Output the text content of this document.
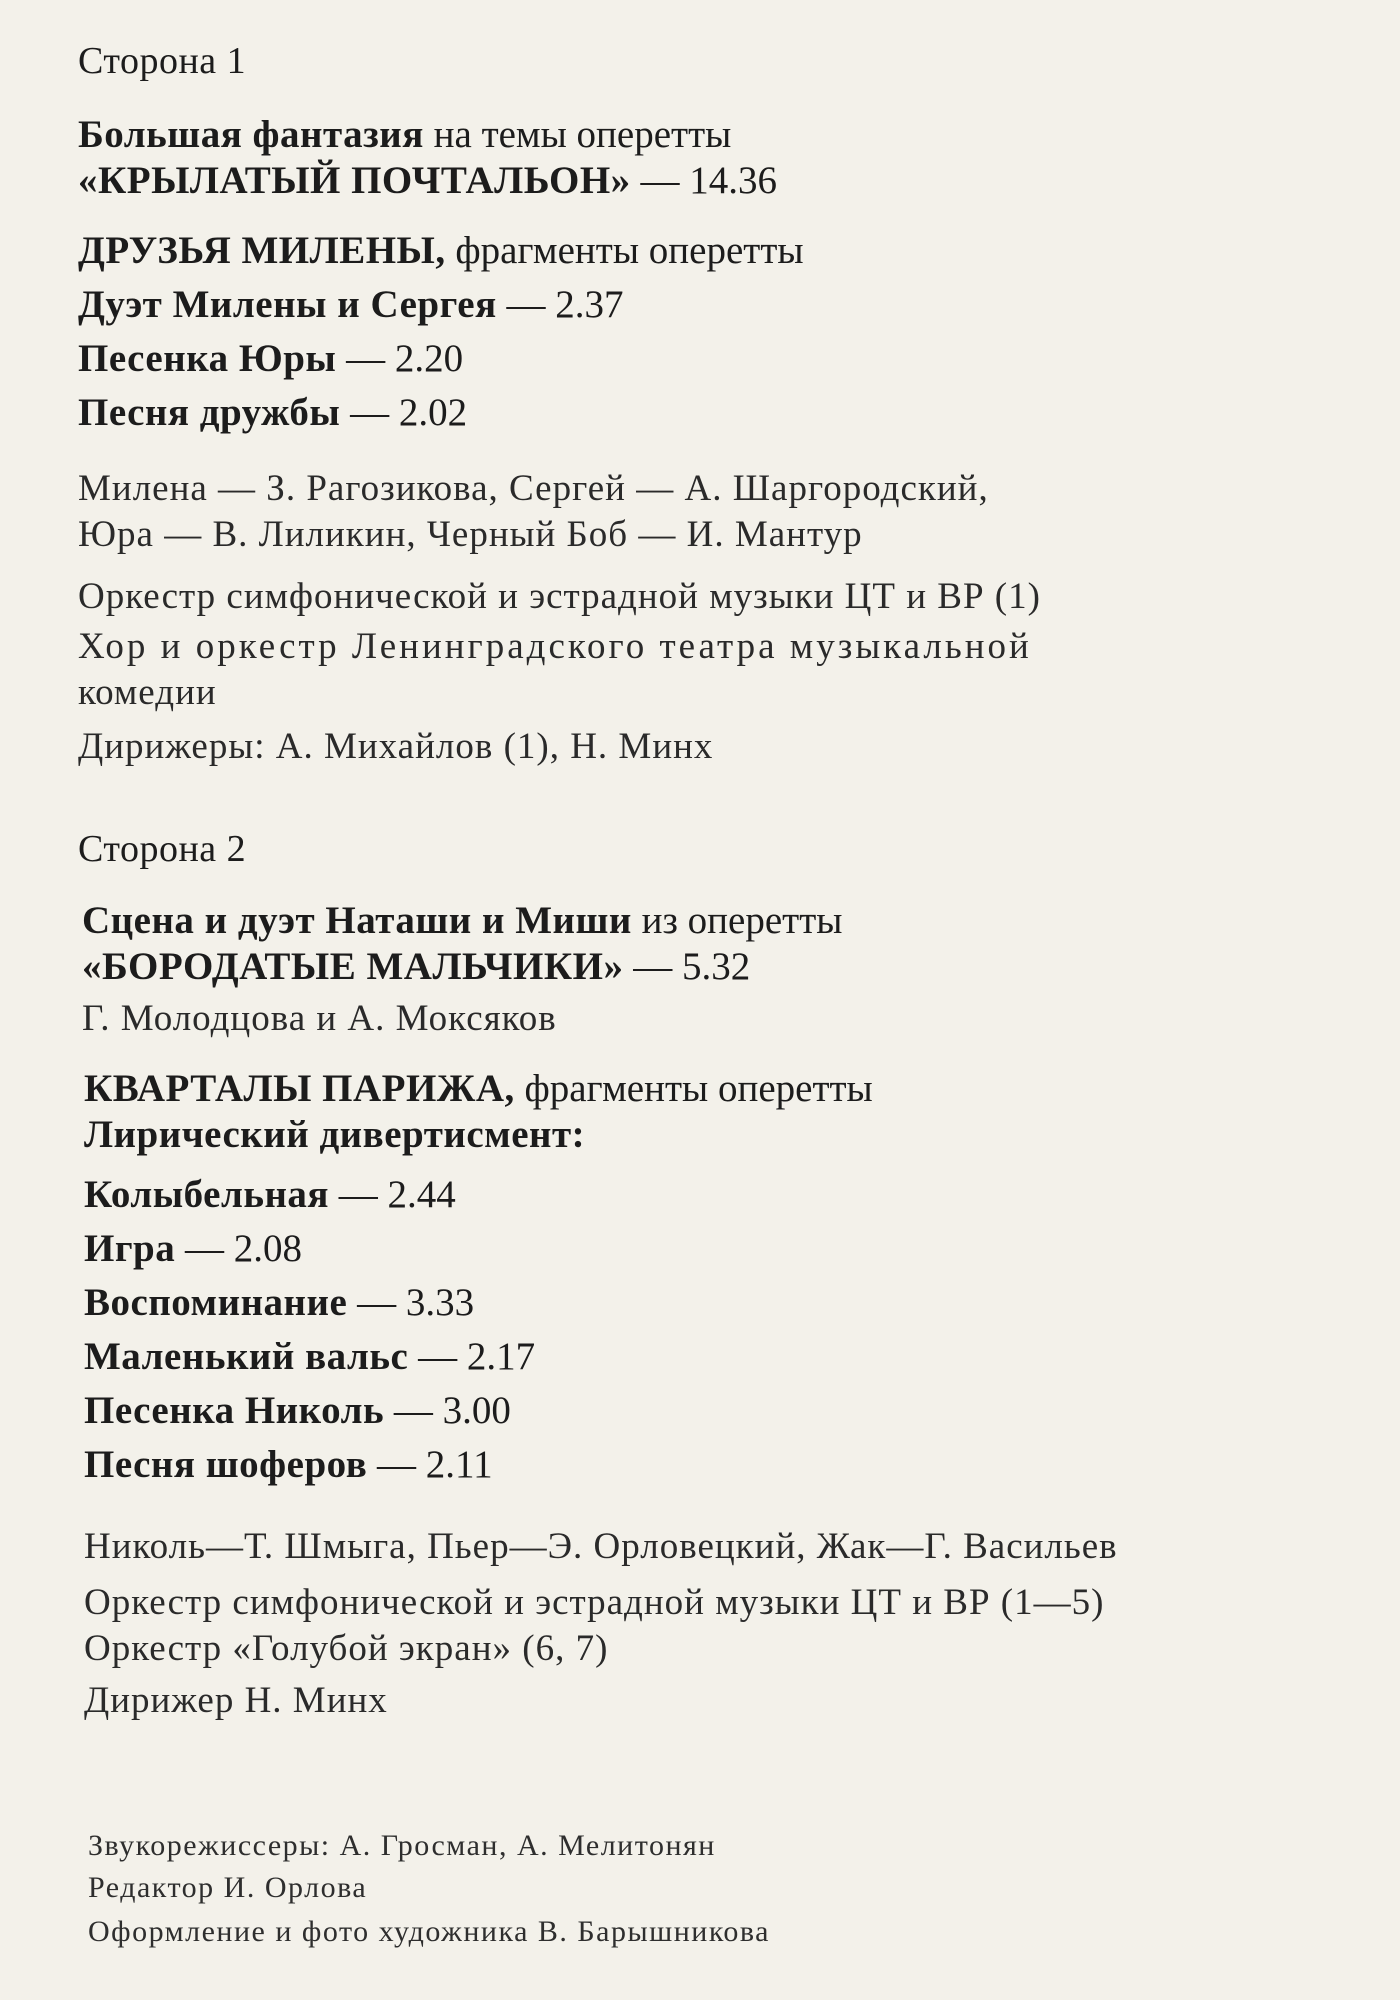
Сторона 1
Большая фантазия на темы оперетты
«КРЫЛАТЫЙ ПОЧТАЛЬОН» — 14.36
ДРУЗЬЯ МИЛЕНЫ, фрагменты оперетты
Дуэт Милены и Сергея — 2.37
Песенка Юры — 2.20
Песня дружбы — 2.02
Милена — З. Рагозикова, Сергей — А. Шаргородский,
Юра — В. Лиликин, Черный Боб — И. Мантур
Оркестр симфонической и эстрадной музыки ЦТ и ВР (1)
Хор и оркестр Ленинградского театра музыкальной
комедии
Дирижеры: А. Михайлов (1), Н. Минх
Сторона 2
Сцена и дуэт Наташи и Миши из оперетты
«БОРОДАТЫЕ МАЛЬЧИКИ» — 5.32
Г. Молодцова и А. Моксяков
КВАРТАЛЫ ПАРИЖА, фрагменты оперетты
Лирический дивертисмент:
Колыбельная — 2.44
Игра — 2.08
Воспоминание — 3.33
Маленький вальс — 2.17
Песенка Николь — 3.00
Песня шоферов — 2.11
Николь—Т. Шмыга, Пьер—Э. Орловецкий, Жак—Г. Васильев
Оркестр симфонической и эстрадной музыки ЦТ и ВР (1—5)
Оркестр «Голубой экран» (6, 7)
Дирижер Н. Минх
Звукорежиссеры: А. Гросман, А. Мелитонян
Редактор И. Орлова
Оформление и фото художника В. Барышникова
